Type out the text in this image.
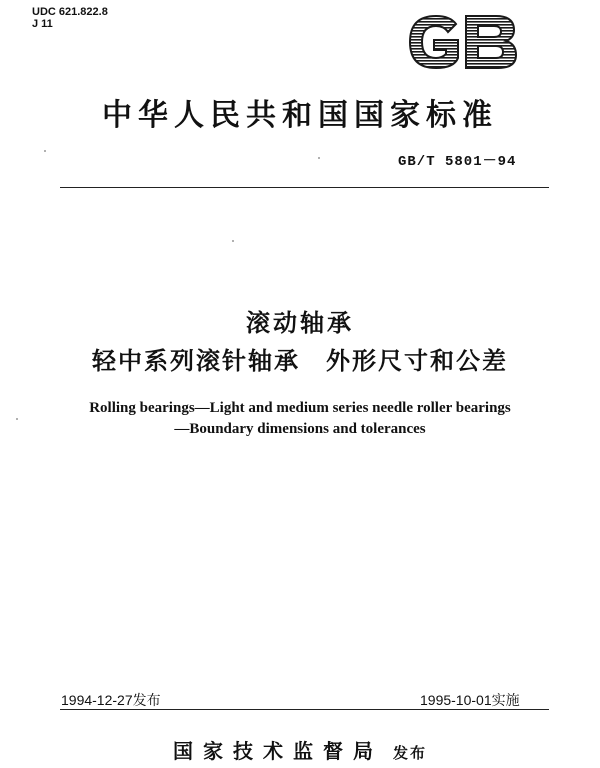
UDC 621.822.8
J 11
中华人民共和国国家标准
GB/T 5801－94
滚动轴承
轻中系列滚针轴承　外形尺寸和公差
Rolling bearings—Light and medium series needle roller bearings
—Boundary dimensions and tolerances
1994-12-27发布	1995-10-01实施
国家技术监督局 发布
